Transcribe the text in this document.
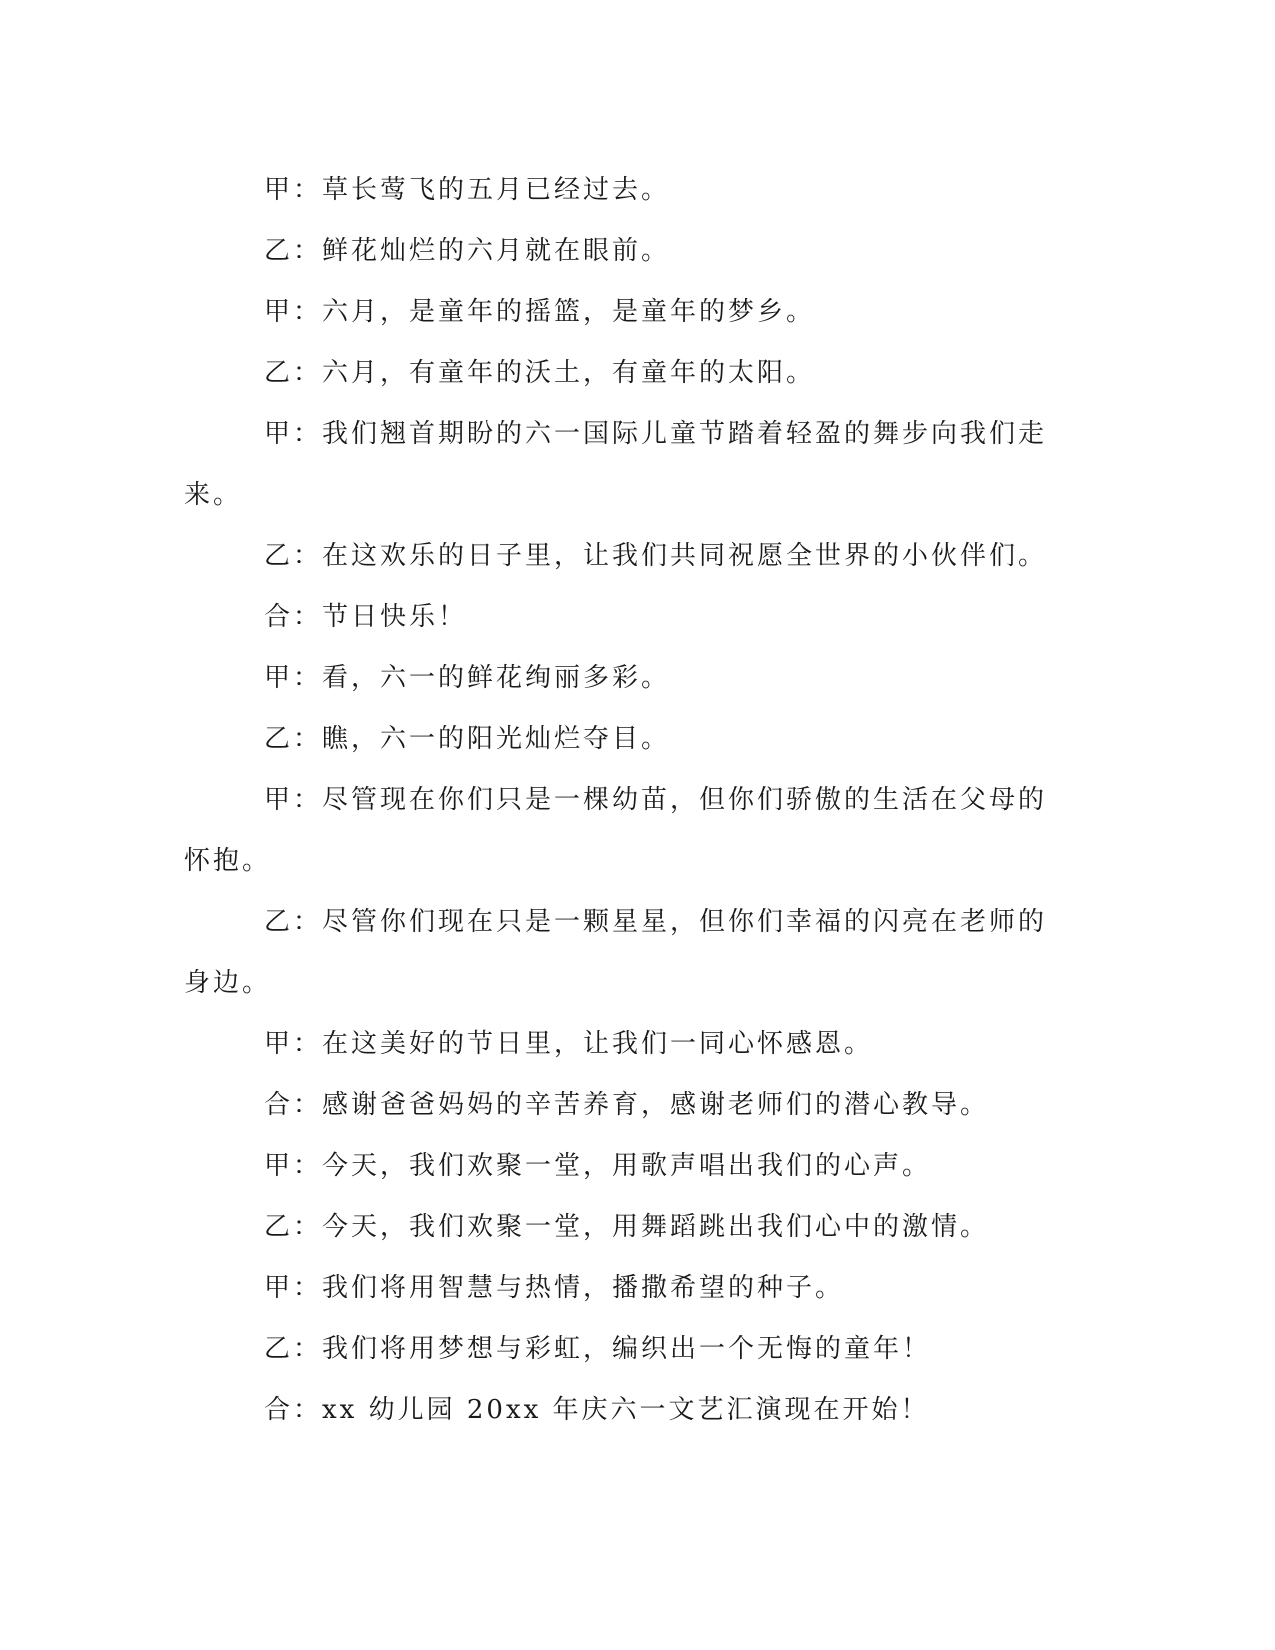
甲：草长莺飞的五月已经过去。

乙：鲜花灿烂的六月就在眼前。

甲：六月，是童年的摇篮，是童年的梦乡。

乙：六月，有童年的沃土，有童年的太阳。

甲：我们翘首期盼的六一国际儿童节踏着轻盈的舞步向我们走来。

乙：在这欢乐的日子里，让我们共同祝愿全世界的小伙伴们。

合：节日快乐！

甲：看，六一的鲜花绚丽多彩。

乙：瞧，六一的阳光灿烂夺目。

甲：尽管现在你们只是一棵幼苗，但你们骄傲的生活在父母的怀抱。

乙：尽管你们现在只是一颗星星，但你们幸福的闪亮在老师的身边。

甲：在这美好的节日里，让我们一同心怀感恩。

合：感谢爸爸妈妈的辛苦养育，感谢老师们的潜心教导。

甲：今天，我们欢聚一堂，用歌声唱出我们的心声。

乙：今天，我们欢聚一堂，用舞蹈跳出我们心中的激情。

甲：我们将用智慧与热情，播撒希望的种子。

乙：我们将用梦想与彩虹，编织出一个无悔的童年！

合：xx 幼儿园 20xx 年庆六一文艺汇演现在开始！
